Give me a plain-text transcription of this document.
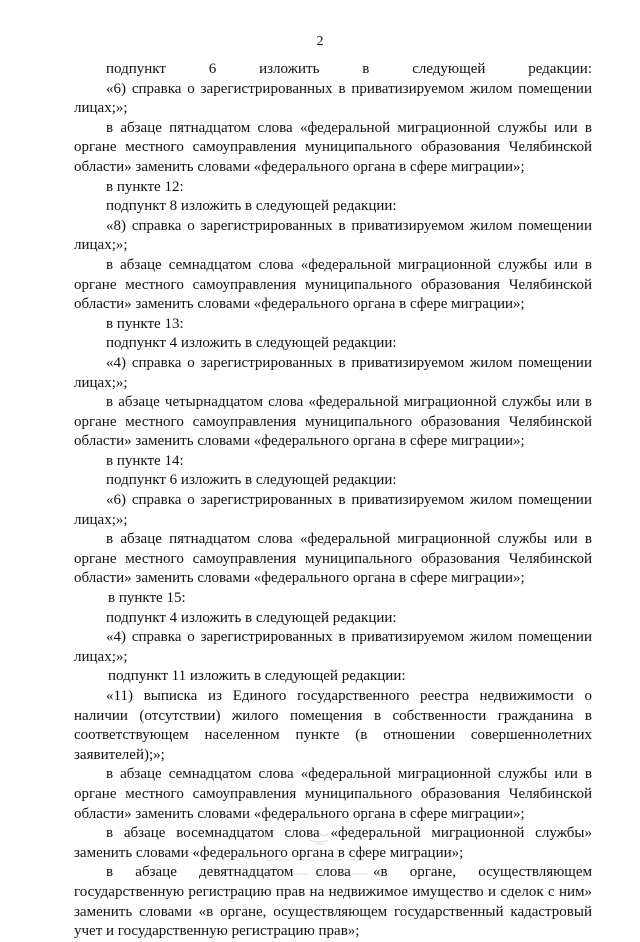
2

подпункт 6 изложить в следующей редакции:

«6) справка о зарегистрированных в приватизируемом жилом помещении лицах;»;

в абзаце пятнадцатом слова «федеральной миграционной службы или в органе местного самоуправления муниципального образования Челябинской области» заменить словами «федерального органа в сфере миграции»;

в пункте 12:

подпункт 8 изложить в следующей редакции:

«8) справка о зарегистрированных в приватизируемом жилом помещении лицах;»;

в абзаце семнадцатом слова «федеральной миграционной службы или в органе местного самоуправления муниципального образования Челябинской области» заменить словами «федерального органа в сфере миграции»;

в пункте 13:

подпункт 4 изложить в следующей редакции:

«4) справка о зарегистрированных в приватизируемом жилом помещении лицах;»;

в абзаце четырнадцатом слова «федеральной миграционной службы или в органе местного самоуправления муниципального образования Челябинской области» заменить словами «федерального органа в сфере миграции»;

в пункте 14:

подпункт 6 изложить в следующей редакции:

«6) справка о зарегистрированных в приватизируемом жилом помещении лицах;»;

в абзаце пятнадцатом слова «федеральной миграционной службы или в органе местного самоуправления муниципального образования Челябинской области» заменить словами «федерального органа в сфере миграции»;

в пункте 15:

подпункт 4 изложить в следующей редакции:

«4) справка о зарегистрированных в приватизируемом жилом помещении лицах;»;

подпункт 11 изложить в следующей редакции:

«11) выписка из Единого государственного реестра недвижимости о наличии (отсутствии) жилого помещения в собственности гражданина в соответствующем населенном пункте (в отношении совершеннолетних заявителей);»;

в абзаце семнадцатом слова «федеральной миграционной службы или в органе местного самоуправления муниципального образования Челябинской области» заменить словами «федерального органа в сфере миграции»;

в абзаце восемнадцатом слова «федеральной миграционной службы» заменить словами «федерального органа в сфере миграции»;

в абзаце девятнадцатом слова «в органе, осуществляющем государственную регистрацию прав на недвижимое имущество и сделок с ним» заменить словами «в органе, осуществляющем государственный кадастровый учет и государственную регистрацию прав»;
